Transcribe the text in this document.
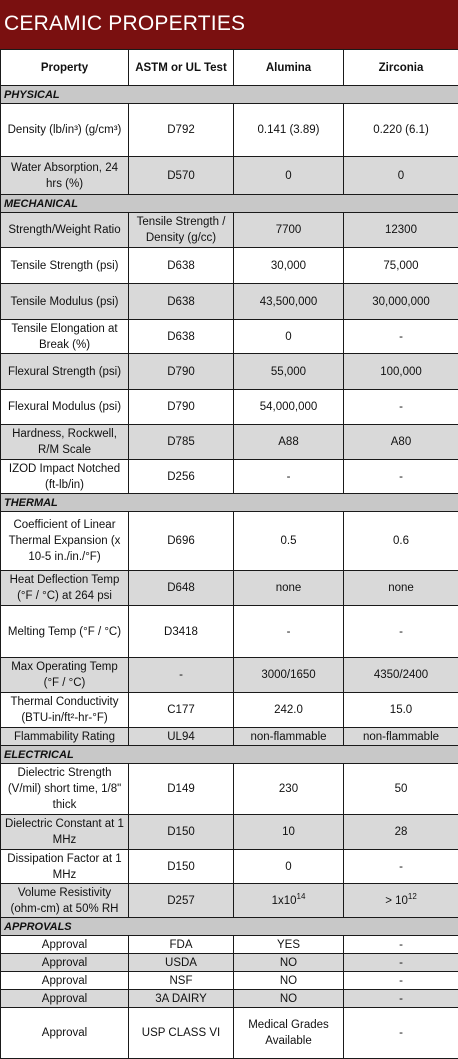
CERAMIC PROPERTIES
Property	ASTM or UL Test	Alumina	Zirconia
PHYSICAL			
Density (lb/in³) (g/cm³)	D792	0.141 (3.89)	0.220 (6.1)
Water Absorption, 24 hrs (%)	D570	0	0
MECHANICAL			
Strength/Weight Ratio	Tensile Strength / Density (g/cc)	7700	12300
Tensile Strength (psi)	D638	30,000	75,000
Tensile Modulus (psi)	D638	43,500,000	30,000,000
Tensile Elongation at Break (%)	D638	0	-
Flexural Strength (psi)	D790	55,000	100,000
Flexural Modulus (psi)	D790	54,000,000	-
Hardness, Rockwell, R/M Scale	D785	A88	A80
IZOD Impact Notched (ft-lb/in)	D256	-	-
THERMAL			
Coefficient of Linear Thermal Expansion (x 10-5 in./in./°F)	D696	0.5	0.6
Heat Deflection Temp (°F / °C) at 264 psi	D648	none	none
Melting Temp (°F / °C)	D3418	-	-
Max Operating Temp (°F / °C)	-	3000/1650	4350/2400
Thermal Conductivity (BTU-in/ft²-hr-°F)	C177	242.0	15.0
Flammability Rating	UL94	non-flammable	non-flammable
ELECTRICAL			
Dielectric Strength (V/mil) short time, 1/8" thick	D149	230	50
Dielectric Constant at 1 MHz	D150	10	28
Dissipation Factor at 1 MHz	D150	0	-
Volume Resistivity (ohm-cm) at 50% RH	D257	$1x10^{14}$	> $10^{12}$
APPROVALS			
Approval	FDA	YES	-
Approval	USDA	NO	-
Approval	NSF	NO	-
Approval	3A DAIRY	NO	-
Approval	USP CLASS VI	Medical Grades Available	-
